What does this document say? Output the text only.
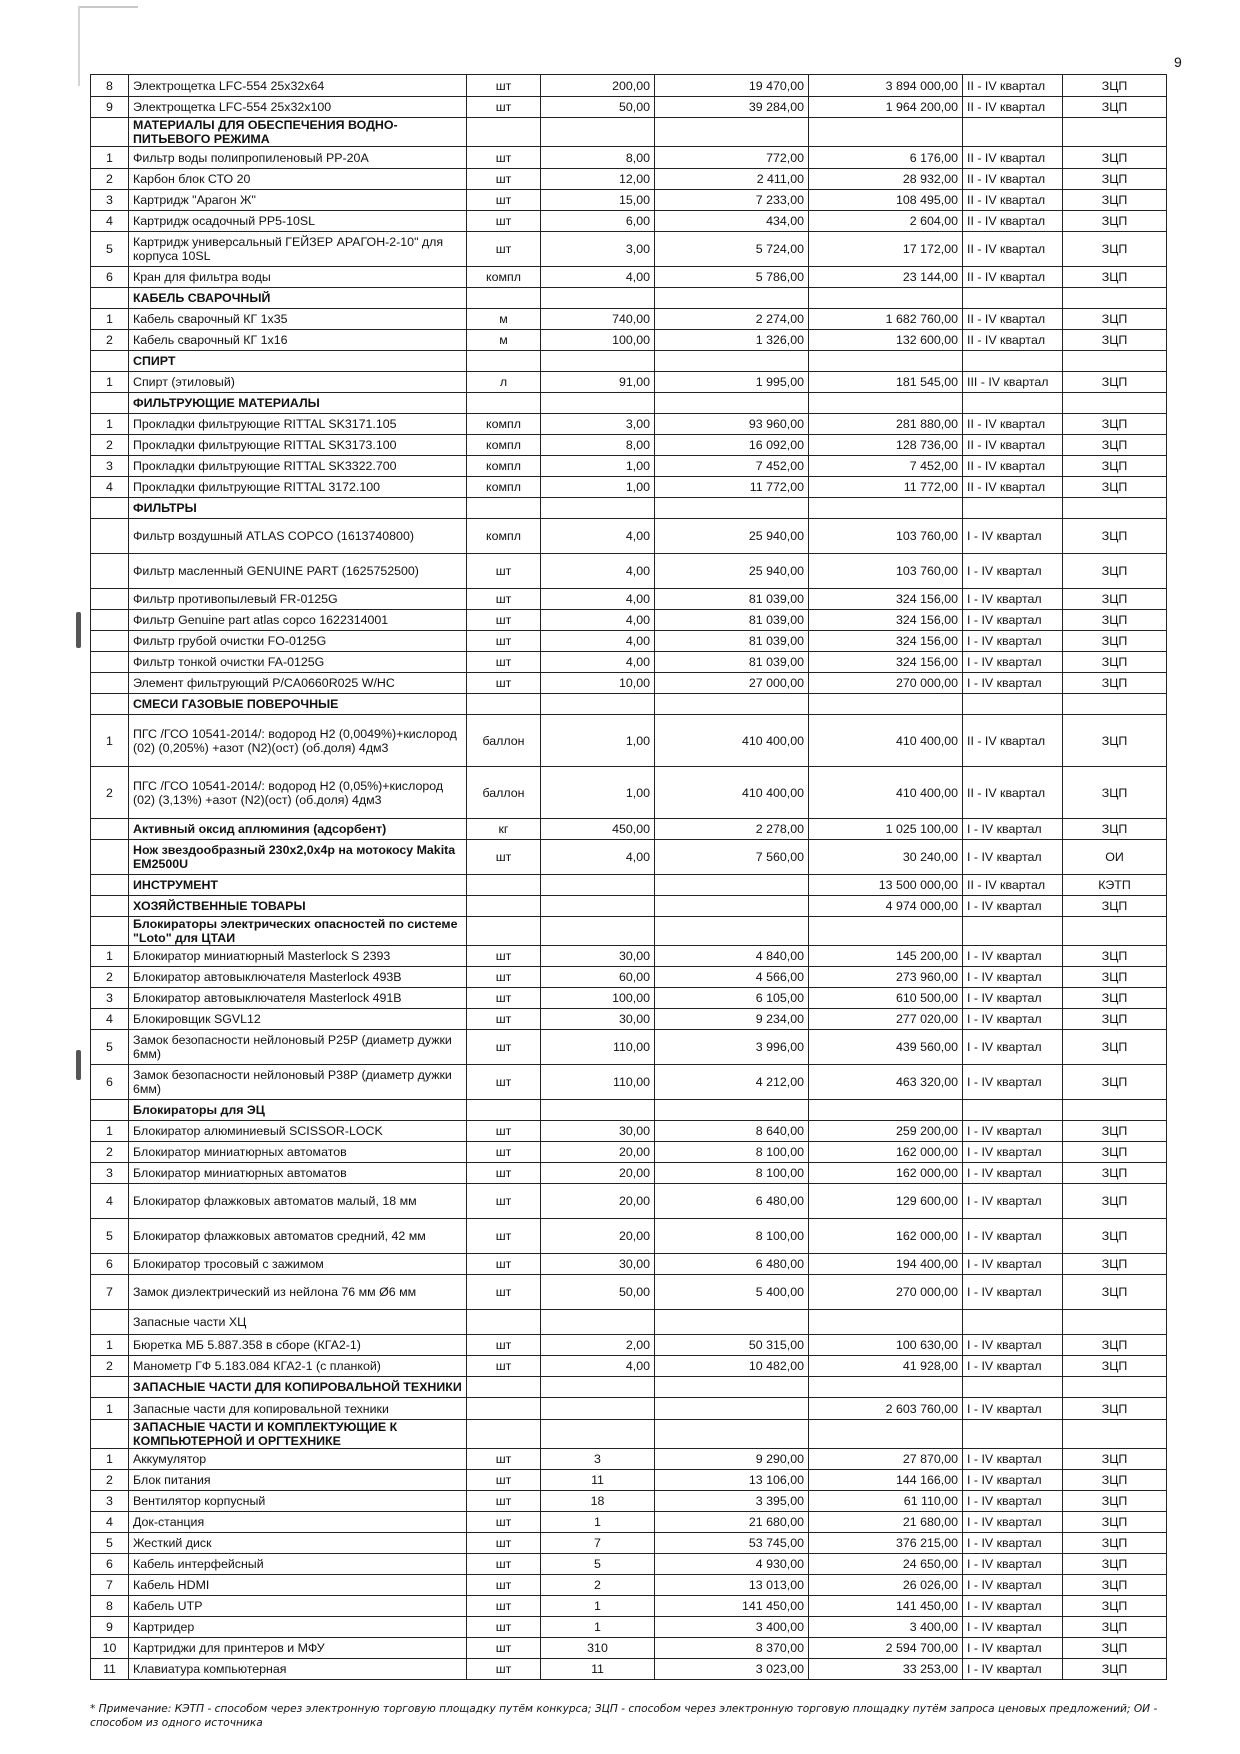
9
8	Электрощетка LFC-554 25х32х64	шт	200,00	19 470,00	3 894 000,00	II - IV квартал	ЗЦП
9	Электрощетка LFC-554 25х32х100	шт	50,00	39 284,00	1 964 200,00	II - IV квартал	ЗЦП
	МАТЕРИАЛЫ ДЛЯ ОБЕСПЕЧЕНИЯ ВОДНО-ПИТЬЕВОГО РЕЖИМА						
1	Фильтр воды полипропиленовый PP-20A	шт	8,00	772,00	6 176,00	II - IV квартал	ЗЦП
2	Карбон блок СТО 20	шт	12,00	2 411,00	28 932,00	II - IV квартал	ЗЦП
3	Картридж "Арагон Ж"	шт	15,00	7 233,00	108 495,00	II - IV квартал	ЗЦП
4	Картридж осадочный PP5-10SL	шт	6,00	434,00	2 604,00	II - IV квартал	ЗЦП
5	Картридж универсальный ГЕЙЗЕР АРАГОН-2-10" для корпуса 10SL	шт	3,00	5 724,00	17 172,00	II - IV квартал	ЗЦП
6	Кран для фильтра воды	компл	4,00	5 786,00	23 144,00	II - IV квартал	ЗЦП
	КАБЕЛЬ СВАРОЧНЫЙ						
1	Кабель сварочный КГ 1х35	м	740,00	2 274,00	1 682 760,00	II - IV квартал	ЗЦП
2	Кабель сварочный КГ 1х16	м	100,00	1 326,00	132 600,00	II - IV квартал	ЗЦП
	СПИРТ						
1	Спирт (этиловый)	л	91,00	1 995,00	181 545,00	III - IV квартал	ЗЦП
	ФИЛЬТРУЮЩИЕ МАТЕРИАЛЫ						
1	Прокладки фильтрующие RITTAL SK3171.105	компл	3,00	93 960,00	281 880,00	II - IV квартал	ЗЦП
2	Прокладки фильтрующие RITTAL SK3173.100	компл	8,00	16 092,00	128 736,00	II - IV квартал	ЗЦП
3	Прокладки фильтрующие RITTAL SK3322.700	компл	1,00	7 452,00	7 452,00	II - IV квартал	ЗЦП
4	Прокладки фильтрующие RITTAL 3172.100	компл	1,00	11 772,00	11 772,00	II - IV квартал	ЗЦП
	ФИЛЬТРЫ						
	Фильтр воздушный ATLAS COPCO (1613740800)	компл	4,00	25 940,00	103 760,00	I - IV квартал	ЗЦП
	Фильтр масленный GENUINE PART (1625752500)	шт	4,00	25 940,00	103 760,00	I - IV квартал	ЗЦП
	Фильтр противопылевый FR-0125G	шт	4,00	81 039,00	324 156,00	I - IV квартал	ЗЦП
	Фильтр Genuine part atlas copco 1622314001	шт	4,00	81 039,00	324 156,00	I - IV квартал	ЗЦП
	Фильтр грубой очистки FO-0125G	шт	4,00	81 039,00	324 156,00	I - IV квартал	ЗЦП
	Фильтр тонкой очистки FA-0125G	шт	4,00	81 039,00	324 156,00	I - IV квартал	ЗЦП
	Элемент фильтрующий P/CA0660R025 W/HC	шт	10,00	27 000,00	270 000,00	I - IV квартал	ЗЦП
	СМЕСИ ГАЗОВЫЕ ПОВЕРОЧНЫЕ						
1	ПГС /ГСО 10541-2014/: водород Н2 (0,0049%)+кислород (02) (0,205%) +азот (N2)(ост) (об.доля) 4дм3	баллон	1,00	410 400,00	410 400,00	II - IV квартал	ЗЦП
2	ПГС /ГСО 10541-2014/: водород Н2 (0,05%)+кислород (02) (3,13%) +азот (N2)(ост) (об.доля) 4дм3	баллон	1,00	410 400,00	410 400,00	II - IV квартал	ЗЦП
	Активный оксид аплюминия (адсорбент)	кг	450,00	2 278,00	1 025 100,00	I - IV квартал	ЗЦП
	Нож звездообразный 230х2,0х4р на мотокосу Makita EM2500U	шт	4,00	7 560,00	30 240,00	I - IV квартал	ОИ
	ИНСТРУМЕНТ				13 500 000,00	II - IV квартал	КЭТП
	ХОЗЯЙСТВЕННЫЕ ТОВАРЫ				4 974 000,00	I - IV квартал	ЗЦП
	Блокираторы электрических опасностей по системе "Loto" для ЦТАИ						
1	Блокиратор миниатюрный Masterlock S 2393	шт	30,00	4 840,00	145 200,00	I - IV квартал	ЗЦП
2	Блокиратор автовыключателя Masterlock 493B	шт	60,00	4 566,00	273 960,00	I - IV квартал	ЗЦП
3	Блокиратор автовыключателя Masterlock 491B	шт	100,00	6 105,00	610 500,00	I - IV квартал	ЗЦП
4	Блокировщик SGVL12	шт	30,00	9 234,00	277 020,00	I - IV квартал	ЗЦП
5	Замок безопасности нейлоновый P25P (диаметр дужки 6мм)	шт	110,00	3 996,00	439 560,00	I - IV квартал	ЗЦП
6	Замок безопасности нейлоновый P38P (диаметр дужки 6мм)	шт	110,00	4 212,00	463 320,00	I - IV квартал	ЗЦП
	Блокираторы для ЭЦ						
1	Блокиратор алюминиевый SCISSOR-LOCK	шт	30,00	8 640,00	259 200,00	I - IV квартал	ЗЦП
2	Блокиратор миниатюрных автоматов	шт	20,00	8 100,00	162 000,00	I - IV квартал	ЗЦП
3	Блокиратор миниатюрных автоматов	шт	20,00	8 100,00	162 000,00	I - IV квартал	ЗЦП
4	Блокиратор флажковых автоматов малый, 18 мм	шт	20,00	6 480,00	129 600,00	I - IV квартал	ЗЦП
5	Блокиратор флажковых автоматов средний, 42 мм	шт	20,00	8 100,00	162 000,00	I - IV квартал	ЗЦП
6	Блокиратор тросовый с зажимом	шт	30,00	6 480,00	194 400,00	I - IV квартал	ЗЦП
7	Замок диэлектрический из нейлона 76 мм Ø6 мм	шт	50,00	5 400,00	270 000,00	I - IV квартал	ЗЦП
	Запасные части ХЦ						
1	Бюретка МБ 5.887.358 в сборе (КГА2-1)	шт	2,00	50 315,00	100 630,00	I - IV квартал	ЗЦП
2	Манометр ГФ 5.183.084 КГА2-1 (с планкой)	шт	4,00	10 482,00	41 928,00	I - IV квартал	ЗЦП
	ЗАПАСНЫЕ ЧАСТИ ДЛЯ КОПИРОВАЛЬНОЙ ТЕХНИКИ						
1	Запасные части для копировальной техники				2 603 760,00	I - IV квартал	ЗЦП
	ЗАПАСНЫЕ ЧАСТИ И КОМПЛЕКТУЮЩИЕ К КОМПЬЮТЕРНОЙ И ОРГТЕХНИКЕ						
1	Аккумулятор	шт	3	9 290,00	27 870,00	I - IV квартал	ЗЦП
2	Блок питания	шт	11	13 106,00	144 166,00	I - IV квартал	ЗЦП
3	Вентилятор корпусный	шт	18	3 395,00	61 110,00	I - IV квартал	ЗЦП
4	Док-станция	шт	1	21 680,00	21 680,00	I - IV квартал	ЗЦП
5	Жесткий диск	шт	7	53 745,00	376 215,00	I - IV квартал	ЗЦП
6	Кабель интерфейсный	шт	5	4 930,00	24 650,00	I - IV квартал	ЗЦП
7	Кабель HDMI	шт	2	13 013,00	26 026,00	I - IV квартал	ЗЦП
8	Кабель UTP	шт	1	141 450,00	141 450,00	I - IV квартал	ЗЦП
9	Картридер	шт	1	3 400,00	3 400,00	I - IV квартал	ЗЦП
10	Картриджи для принтеров и МФУ	шт	310	8 370,00	2 594 700,00	I - IV квартал	ЗЦП
11	Клавиатура компьютерная	шт	11	3 023,00	33 253,00	I - IV квартал	ЗЦП
* Примечание: КЭТП - способом через электронную торговую площадку путём конкурса; ЗЦП - способом через электронную торговую площадку путём запроса ценовых предложений; ОИ - способом из одного источника
